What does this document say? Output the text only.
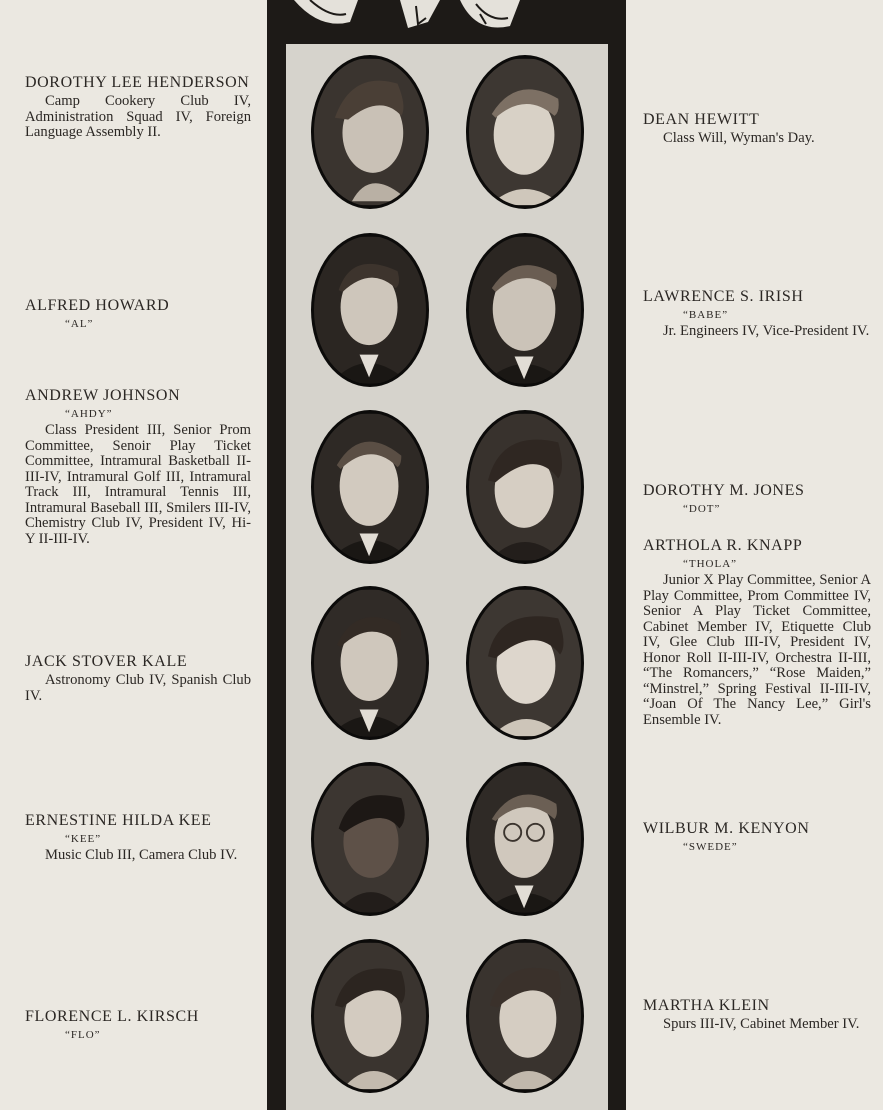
DOROTHY LEE HENDERSON
Camp Cookery Club IV, Administration Squad IV, Foreign Language Assembly II.
ALFRED HOWARD
“AL”
ANDREW JOHNSON
“AHDY”
Class President III, Senior Prom Committee, Senoir Play Ticket Committee, Intramural Basketball II-III-IV, Intramural Golf III, Intramural Track III, Intramural Tennis III, Intramural Baseball III, Smilers III-IV, Chemistry Club IV, President IV, Hi-Y II-III-IV.
JACK STOVER KALE
Astronomy Club IV, Spanish Club IV.
ERNESTINE HILDA KEE
“KEE”
Music Club III, Camera Club IV.
FLORENCE L. KIRSCH
“FLO”
DEAN HEWITT
Class Will, Wyman's Day.
LAWRENCE S. IRISH
“BABE”
Jr. Engineers IV, Vice-President IV.
DOROTHY M. JONES
“DOT”
ARTHOLA R. KNAPP
“THOLA”
Junior X Play Committee, Senior A Play Committee, Prom Committee IV, Senior A Play Ticket Committee, Cabinet Member IV, Etiquette Club IV, Glee Club III-IV, President IV, Honor Roll II-III-IV, Orchestra II-III, “The Romancers,” “Rose Maiden,” “Minstrel,” Spring Festival II-III-IV, “Joan Of The Nancy Lee,” Girl's Ensemble IV.
WILBUR M. KENYON
“SWEDE”
MARTHA KLEIN
Spurs III-IV, Cabinet Member IV.
